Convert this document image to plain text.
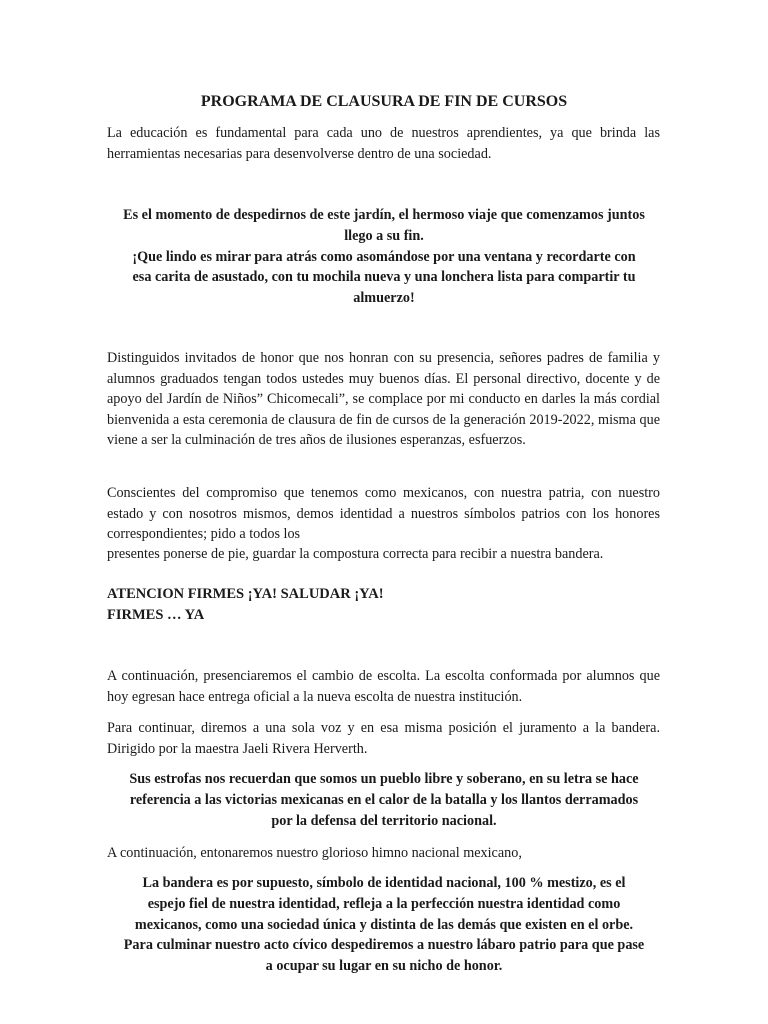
PROGRAMA DE CLAUSURA DE FIN DE CURSOS

La educación es fundamental para cada uno de nuestros aprendientes, ya que brinda las herramientas necesarias para desenvolverse dentro de una sociedad.

Es el momento de despedirnos de este jardín, el hermoso viaje que comenzamos juntos
llego a su fin.
¡Que lindo es mirar para atrás como asomándose por una ventana y recordarte con
esa carita de asustado, con tu mochila nueva y una lonchera lista para compartir tu
almuerzo!

Distinguidos invitados de honor que nos honran con su presencia, señores padres de familia y alumnos graduados tengan todos ustedes muy buenos días. El personal directivo, docente y de apoyo del Jardín de Niños” Chicomecali”, se complace por mi conducto en darles la más cordial bienvenida a esta ceremonia de clausura de fin de cursos de la generación 2019-2022, misma que viene a ser la culminación de tres años de ilusiones esperanzas, esfuerzos.

Conscientes del compromiso que tenemos como mexicanos, con nuestra patria, con nuestro estado y con nosotros mismos, demos identidad a nuestros símbolos patrios con los honores correspondientes; pido a todos los

presentes ponerse de pie, guardar la compostura correcta para recibir a nuestra bandera.

ATENCION FIRMES ¡YA! SALUDAR ¡YA!
FIRMES … YA

A continuación, presenciaremos el cambio de escolta. La escolta conformada por alumnos que hoy egresan hace entrega oficial a la nueva escolta de nuestra institución.

Para continuar, diremos a una sola voz y en esa misma posición el juramento a la bandera. Dirigido por la maestra Jaeli Rivera Herverth.

Sus estrofas nos recuerdan que somos un pueblo libre y soberano, en su letra se hace
referencia a las victorias mexicanas en el calor de la batalla y los llantos derramados
por la defensa del territorio nacional.

A continuación, entonaremos nuestro glorioso himno nacional mexicano,

La bandera es por supuesto, símbolo de identidad nacional, 100 % mestizo, es el
espejo fiel de nuestra identidad, refleja a la perfección nuestra identidad como
mexicanos, como una sociedad única y distinta de las demás que existen en el orbe.
Para culminar nuestro acto cívico despediremos a nuestro lábaro patrio para que pase
a ocupar su lugar en su nicho de honor.
